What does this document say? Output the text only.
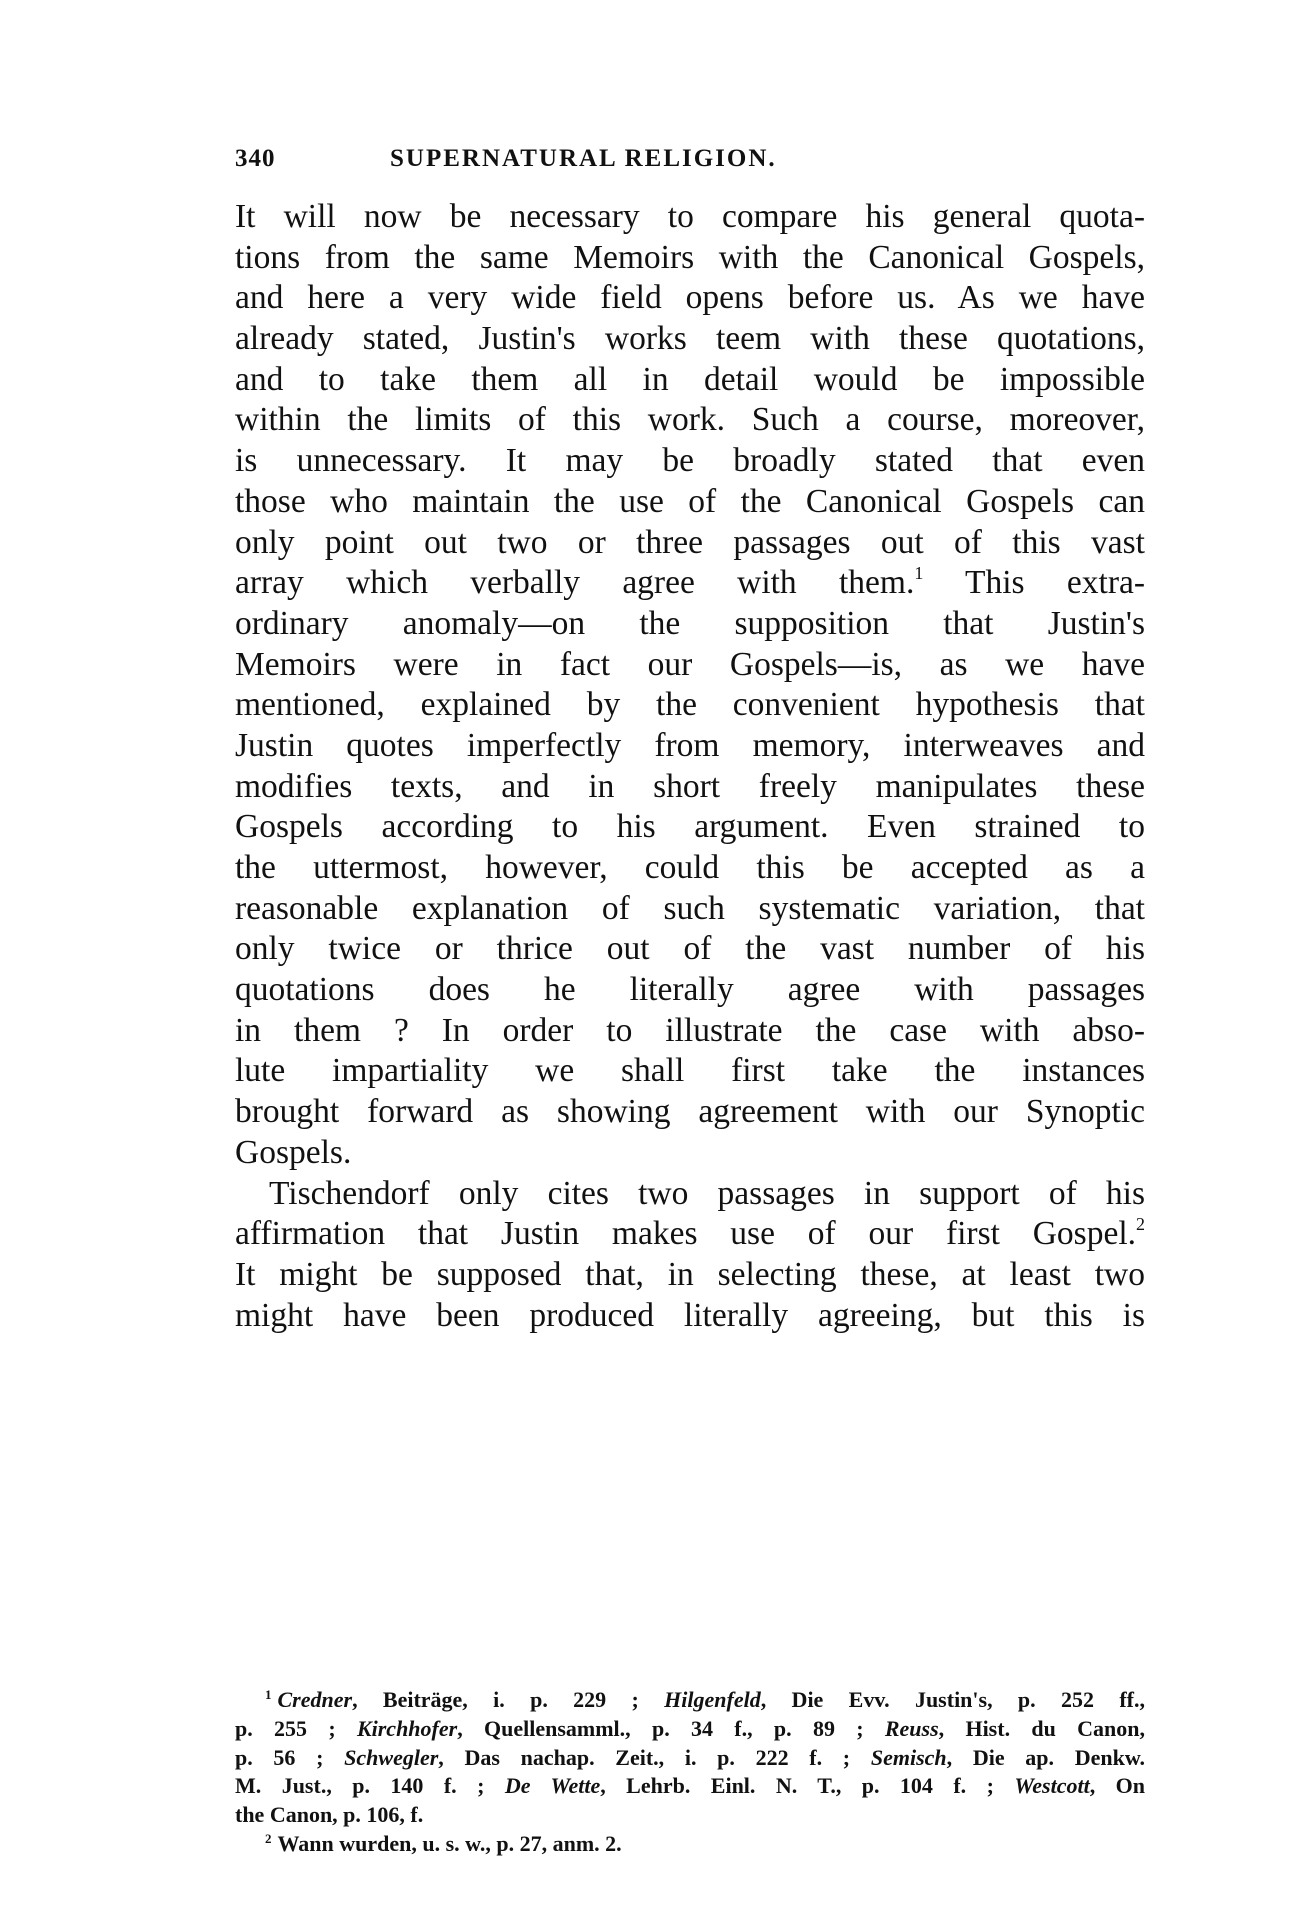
340	SUPERNATURAL RELIGION.
It will now be necessary to compare his general quota-
tions from the same Memoirs with the Canonical Gospels,
and here a very wide field opens before us. As we have
already stated, Justin's works teem with these quotations,
and to take them all in detail would be impossible
within the limits of this work. Such a course, moreover,
is unnecessary. It may be broadly stated that even
those who maintain the use of the Canonical Gospels can
only point out two or three passages out of this vast
array which verbally agree with them.$^1$ This extra-
ordinary anomaly—on the supposition that Justin's
Memoirs were in fact our Gospels—is, as we have
mentioned, explained by the convenient hypothesis that
Justin quotes imperfectly from memory, interweaves and
modifies texts, and in short freely manipulates these
Gospels according to his argument. Even strained to
the uttermost, however, could this be accepted as a
reasonable explanation of such systematic variation, that
only twice or thrice out of the vast number of his
quotations does he literally agree with passages
in them ? In order to illustrate the case with abso-
lute impartiality we shall first take the instances
brought forward as showing agreement with our Synoptic
Gospels.
Tischendorf only cites two passages in support of his
affirmation that Justin makes use of our first Gospel.$^2$
It might be supposed that, in selecting these, at least two
might have been produced literally agreeing, but this is
$^1$ Credner, Beiträge, i. p. 229 ; Hilgenfeld, Die Evv. Justin's, p. 252 ff.,
p. 255 ; Kirchhofer, Quellensamml., p. 34 f., p. 89 ; Reuss, Hist. du Canon,
p. 56 ; Schwegler, Das nachap. Zeit., i. p. 222 f. ; Semisch, Die ap. Denkw.
M. Just., p. 140 f. ; De Wette, Lehrb. Einl. N. T., p. 104 f. ; Westcott, On
the Canon, p. 106, f.
$^2$ Wann wurden, u. s. w., p. 27, anm. 2.
